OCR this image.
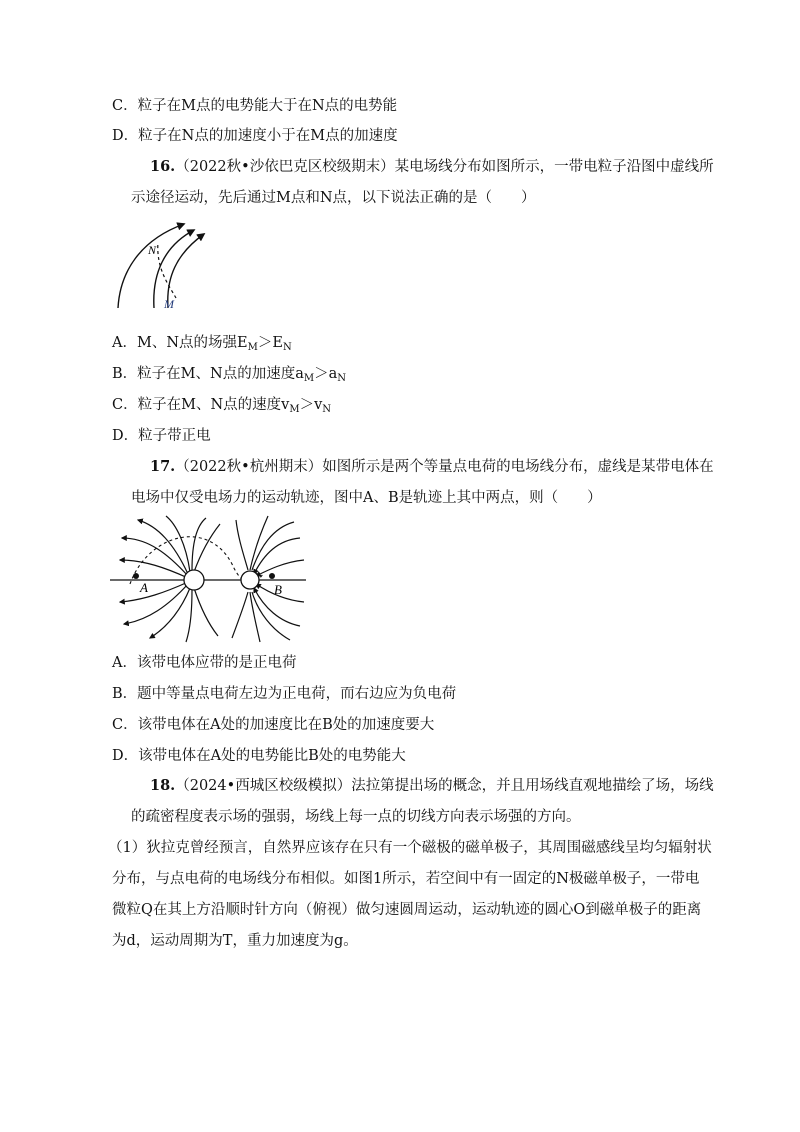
C．粒子在M点的电势能大于在N点的电势能
D．粒子在N点的加速度小于在M点的加速度
16.（2022秋•沙依巴克区校级期末）某电场线分布如图所示，一带电粒子沿图中虚线所
示途径运动，先后通过M点和N点，以下说法正确的是（　　）
N
M
A．M、N点的场强$E_M>E_N$
B．粒子在M、N点的加速度$a_M>a_N$
C．粒子在M、N点的速度$v_M>v_N$
D．粒子带正电
17.（2022秋•杭州期末）如图所示是两个等量点电荷的电场线分布，虚线是某带电体在
电场中仅受电场力的运动轨迹，图中A、B是轨迹上其中两点，则（　　）
A	B
A．该带电体应带的是正电荷
B．题中等量点电荷左边为正电荷，而右边应为负电荷
C．该带电体在A处的加速度比在B处的加速度要大
D．该带电体在A处的电势能比B处的电势能大
18.（2024•西城区校级模拟）法拉第提出场的概念，并且用场线直观地描绘了场，场线
的疏密程度表示场的强弱，场线上每一点的切线方向表示场强的方向。
（1）狄拉克曾经预言，自然界应该存在只有一个磁极的磁单极子，其周围磁感线呈均匀辐射状
分布，与点电荷的电场线分布相似。如图1所示，若空间中有一固定的N极磁单极子，一带电
微粒Q在其上方沿顺时针方向（俯视）做匀速圆周运动，运动轨迹的圆心O到磁单极子的距离
为d，运动周期为T，重力加速度为g。
